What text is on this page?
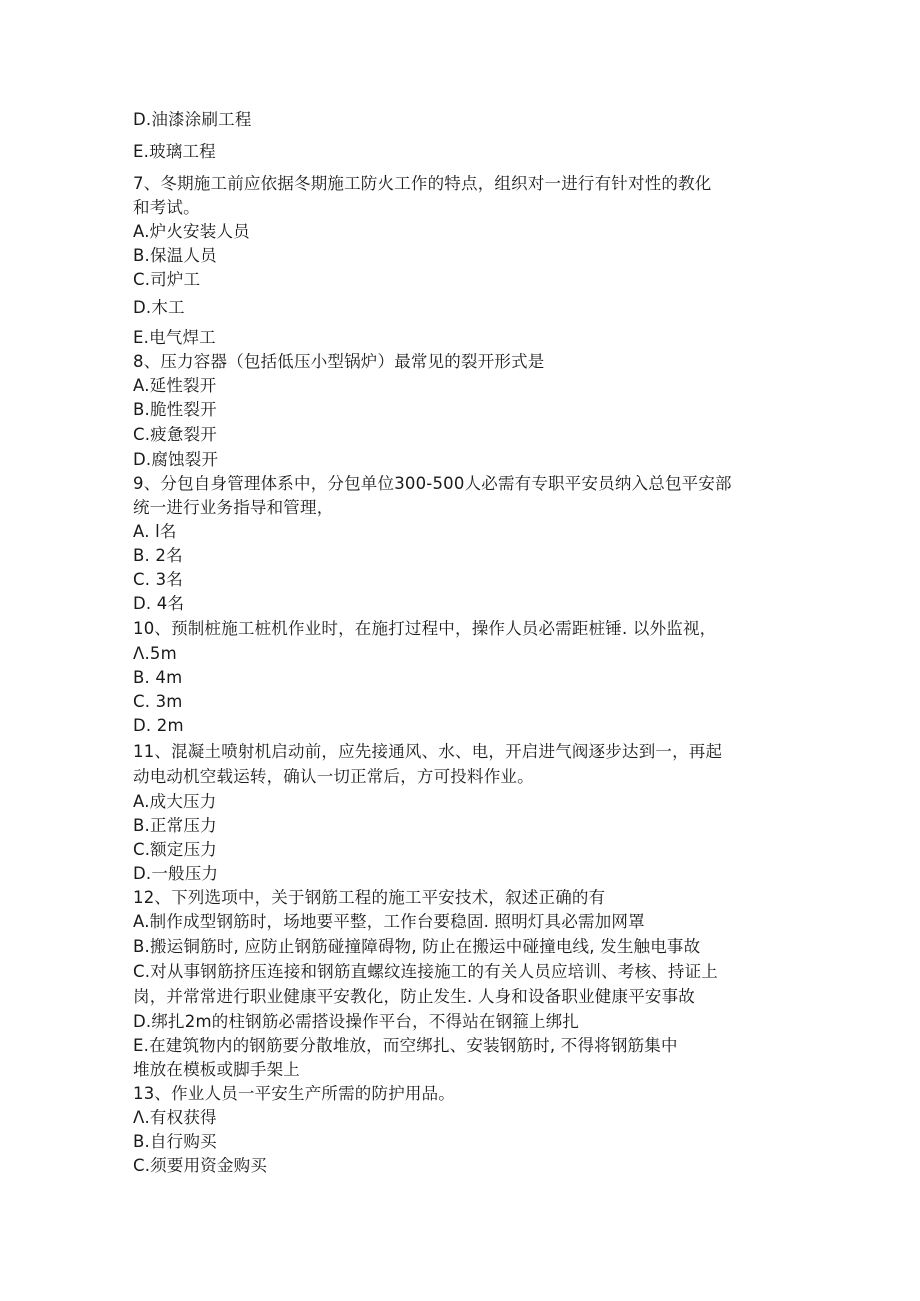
D.油漆涂刷工程
E.玻璃工程
7、冬期施工前应依据冬期施工防火工作的特点，组织对一进行有针对性的教化
和考试。
A.炉火安装人员
B.保温人员
C.司炉工
D.木工
E.电气焊工
8、压力容器（包括低压小型锅炉）最常见的裂开形式是
A.延性裂开
B.脆性裂开
C.疲惫裂开
D.腐蚀裂开
9、分包自身管理体系中，分包单位300-500人必需有专职平安员纳入总包平安部
统一进行业务指导和管理，
A. l名
B. 2名
C. 3名
D. 4名
10、预制桩施工桩机作业时，在施打过程中，操作人员必需距桩锤. 以外监视，
Λ.5m
B. 4m
C. 3m
D. 2m
11、混凝土喷射机启动前，应先接通风、水、电，开启进气阀逐步达到一，再起
动电动机空载运转，确认一切正常后，方可投料作业。
A.成大压力
B.正常压力
C.额定压力
D.一般压力
12、下列选项中，关于钢筋工程的施工平安技术，叙述正确的有
A.制作成型钢筋时，场地要平整，工作台要稳固. 照明灯具必需加网罩
B.搬运铜筋时, 应防止钢筋碰撞障碍物, 防止在搬运中碰撞电线, 发生触电事故
C.对从事钢筋挤压连接和钢筋直螺纹连接施工的有关人员应培训、考核、持证上
岗，并常常进行职业健康平安教化，防止发生. 人身和设备职业健康平安事故
D.绑扎2m的柱钢筋必需搭设操作平台，不得站在钢箍上绑扎
E.在建筑物内的钢筋要分散堆放，而空绑扎、安装钢筋时, 不得将钢筋集中
堆放在模板或脚手架上
13、作业人员一平安生产所需的防护用品。
Λ.有权获得
B.自行购买
C.须要用资金购买
